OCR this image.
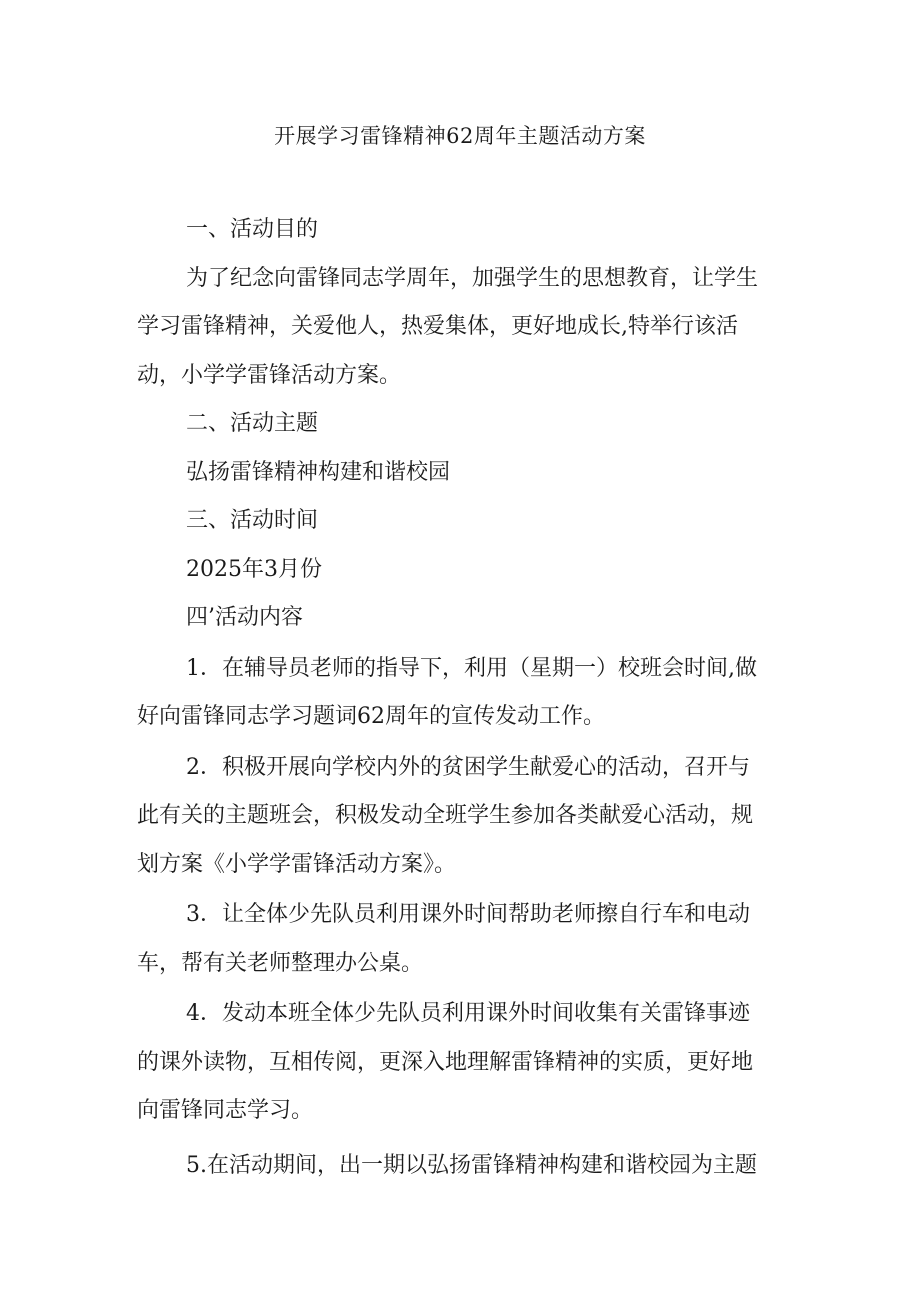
开展学习雷锋精神62周年主题活动方案
一、活动目的
为了纪念向雷锋同志学周年，加强学生的思想教育，让学生
学习雷锋精神，关爱他人，热爱集体，更好地成长,特举行该活
动，小学学雷锋活动方案。
二、活动主题
弘扬雷锋精神构建和谐校园
三、活动时间
2025年3月份
四’活动内容
1．在辅导员老师的指导下，利用（星期一）校班会时间,做
好向雷锋同志学习题词62周年的宣传发动工作。
2．积极开展向学校内外的贫困学生献爱心的活动，召开与
此有关的主题班会，积极发动全班学生参加各类献爱心活动，规
划方案《小学学雷锋活动方案》。
3．让全体少先队员利用课外时间帮助老师擦自行车和电动
车，帮有关老师整理办公桌。
4．发动本班全体少先队员利用课外时间收集有关雷锋事迹
的课外读物，互相传阅，更深入地理解雷锋精神的实质，更好地
向雷锋同志学习。
5.在活动期间，出一期以弘扬雷锋精神构建和谐校园为主题
